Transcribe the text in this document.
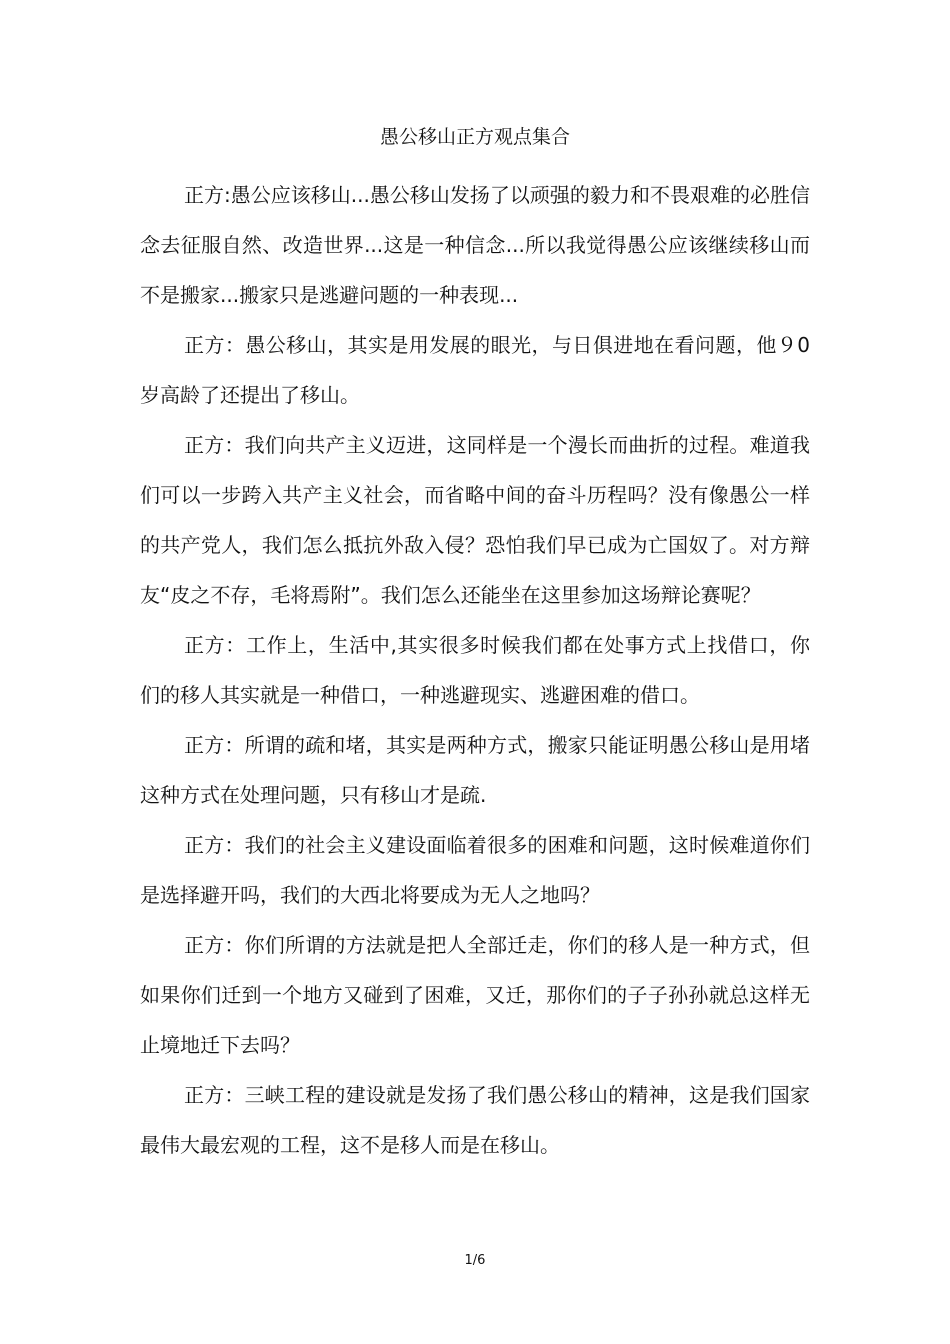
愚公移山正方观点集合

正方:愚公应该移山...愚公移山发扬了以顽强的毅力和不畏艰难的必胜信念去征服自然、改造世界...这是一种信念...所以我觉得愚公应该继续移山而不是搬家...搬家只是逃避问题的一种表现...

正方：愚公移山，其实是用发展的眼光，与日俱进地在看问题，他９0岁高龄了还提出了移山。

正方：我们向共产主义迈进，这同样是一个漫长而曲折的过程。难道我们可以一步跨入共产主义社会，而省略中间的奋斗历程吗？没有像愚公一样的共产党人，我们怎么抵抗外敌入侵？恐怕我们早已成为亡国奴了。对方辩友“皮之不存，毛将焉附”。我们怎么还能坐在这里参加这场辩论赛呢？

正方：工作上，生活中,其实很多时候我们都在处事方式上找借口，你们的移人其实就是一种借口，一种逃避现实、逃避困难的借口。

正方：所谓的疏和堵，其实是两种方式，搬家只能证明愚公移山是用堵这种方式在处理问题，只有移山才是疏.

正方：我们的社会主义建设面临着很多的困难和问题，这时候难道你们是选择避开吗，我们的大西北将要成为无人之地吗？

正方：你们所谓的方法就是把人全部迁走，你们的移人是一种方式，但如果你们迁到一个地方又碰到了困难，又迁，那你们的子子孙孙就总这样无止境地迁下去吗？

正方：三峡工程的建设就是发扬了我们愚公移山的精神，这是我们国家最伟大最宏观的工程，这不是移人而是在移山。

1/6
